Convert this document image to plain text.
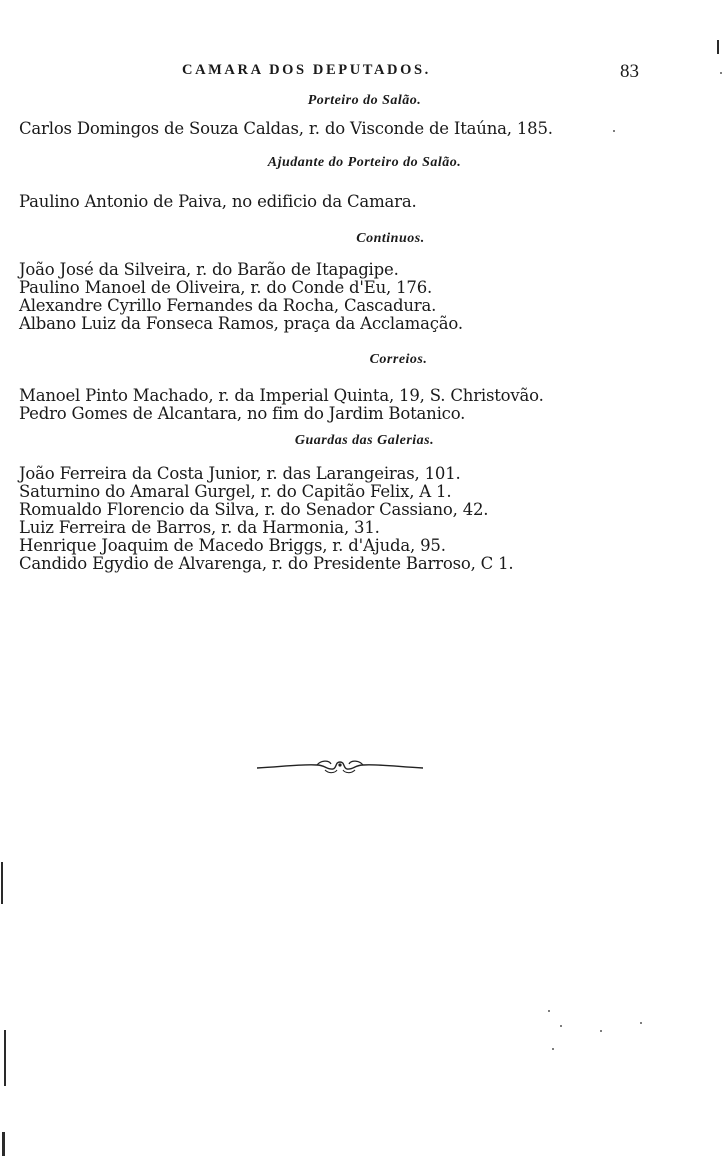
CAMARA DOS DEPUTADOS.	83
Porteiro do Salão.
Carlos Domingos de Souza Caldas, r. do Visconde de Itaúna, 185.
Ajudante do Porteiro do Salão.
Paulino Antonio de Paiva, no edificio da Camara.
Continuos.
João José da Silveira, r. do Barão de Itapagipe.
Paulino Manoel de Oliveira, r. do Conde d'Eu, 176.
Alexandre Cyrillo Fernandes da Rocha, Cascadura.
Albano Luiz da Fonseca Ramos, praça da Acclamação.
Correios.
Manoel Pinto Machado, r. da Imperial Quinta, 19, S. Christovão.
Pedro Gomes de Alcantara, no fim do Jardim Botanico.
Guardas das Galerias.
João Ferreira da Costa Junior, r. das Larangeiras, 101.
Saturnino do Amaral Gurgel, r. do Capitão Felix, A 1.
Romualdo Florencio da Silva, r. do Senador Cassiano, 42.
Luiz Ferreira de Barros, r. da Harmonia, 31.
Henrique Joaquim de Macedo Briggs, r. d'Ajuda, 95.
Candido Egydio de Alvarenga, r. do Presidente Barroso, C 1.
